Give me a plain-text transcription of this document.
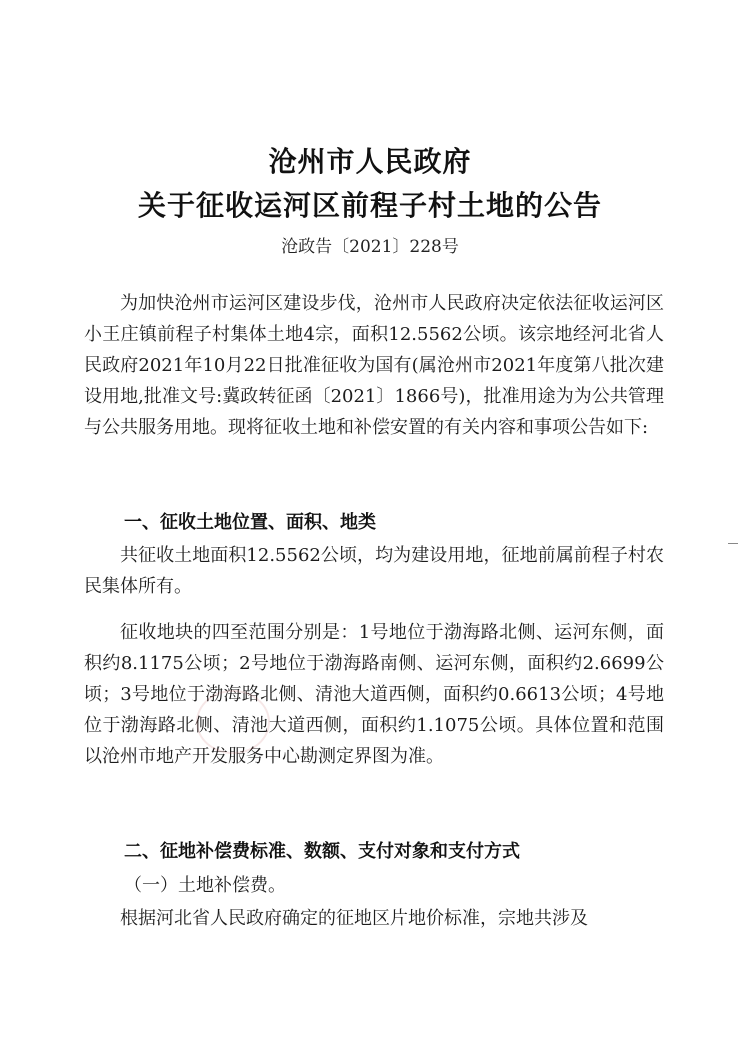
沧州市人民政府
关于征收运河区前程子村土地的公告
沧政告〔2021〕228号
为加快沧州市运河区建设步伐，沧州市人民政府决定依法征收运河区小王庄镇前程子村集体土地4宗，面积12.5562公顷。该宗地经河北省人民政府2021年10月22日批准征收为国有(属沧州市2021年度第八批次建设用地,批准文号:冀政转征函〔2021〕1866号)，批准用途为为公共管理与公共服务用地。现将征收土地和补偿安置的有关内容和事项公告如下:
一、征收土地位置、面积、地类
共征收土地面积12.5562公顷，均为建设用地，征地前属前程子村农民集体所有。
征收地块的四至范围分别是：1号地位于渤海路北侧、运河东侧，面积约8.1175公顷；2号地位于渤海路南侧、运河东侧，面积约2.6699公顷；3号地位于渤海路北侧、清池大道西侧，面积约0.6613公顷；4号地位于渤海路北侧、清池大道西侧，面积约1.1075公顷。具体位置和范围以沧州市地产开发服务中心勘测定界图为准。
二、征地补偿费标准、数额、支付对象和支付方式
（一）土地补偿费。
根据河北省人民政府确定的征地区片地价标准，宗地共涉及
